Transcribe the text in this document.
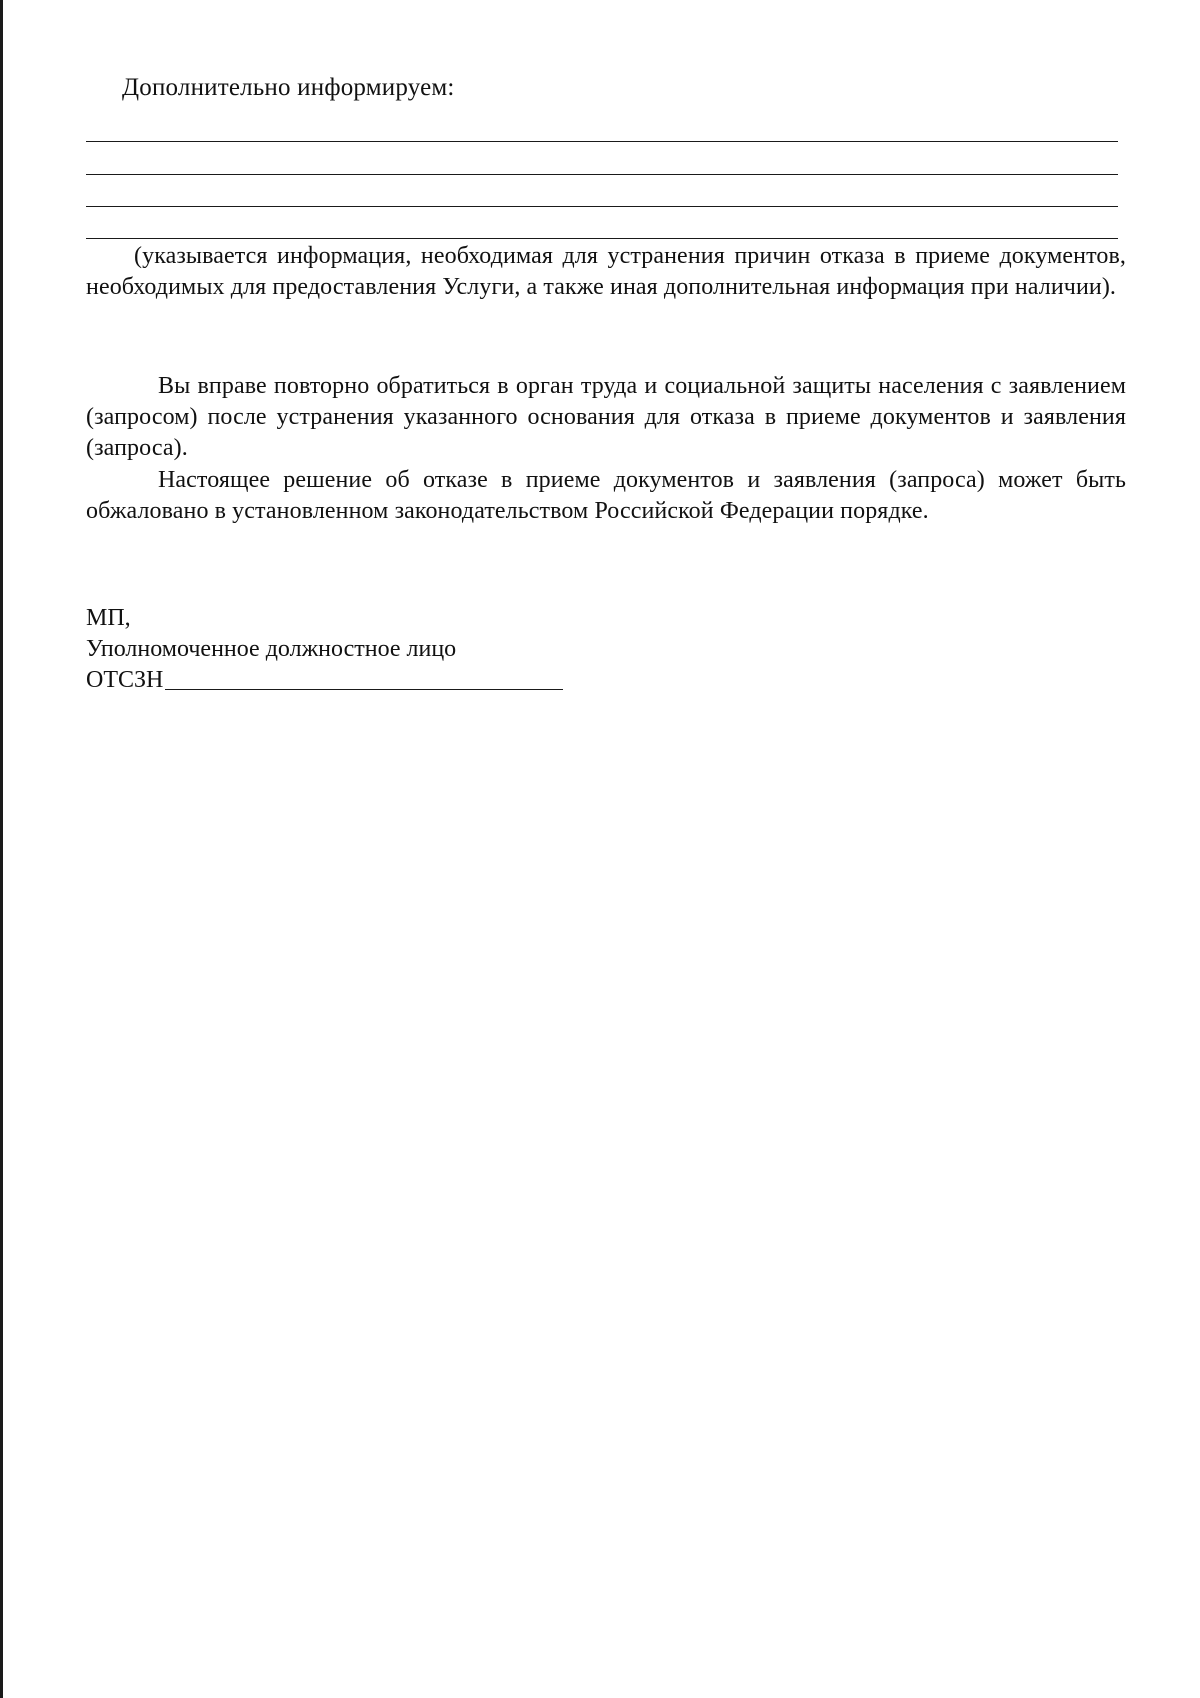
Дополнительно информируем:
(указывается информация, необходимая для устранения причин отказа в приеме документов, необходимых для предоставления Услуги, а также иная дополнительная информация при наличии).
Вы вправе повторно обратиться в орган труда и социальной защиты населения с заявлением (запросом) после устранения указанного основания для отказа в приеме документов и заявления (запроса).
Настоящее решение об отказе в приеме документов и заявления (запроса) может быть обжаловано в установленном законодательством Российской Федерации порядке.
МП,
Уполномоченное должностное лицо
ОТСЗН
